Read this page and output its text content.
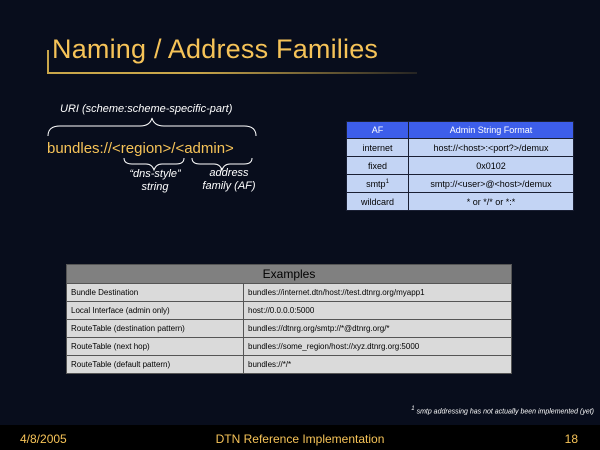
Naming / Address Families
URI (scheme:scheme-specific-part)
bundles://<region>/<admin>
“dns-style”
string
address
family (AF)
AF	Admin String Format
internet	host://<host>:<port?>/demux
fixed	0x0102
smtp$^1$	smtp://<user>@<host>/demux
wildcard	* or */* or *:*
Examples	
Bundle Destination	bundles://internet.dtn/host://test.dtnrg.org/myapp1
Local Interface (admin only)	host://0.0.0.0:5000
RouteTable (destination pattern)	bundles://dtnrg.org/smtp://*@dtnrg.org/*
RouteTable (next hop)	bundles://some_region/host://xyz.dtnrg.org:5000
RouteTable (default pattern)	bundles://*/*
$^1$ smtp addressing has not actually been implemented (yet)
4/8/2005	DTN Reference Implementation	18
